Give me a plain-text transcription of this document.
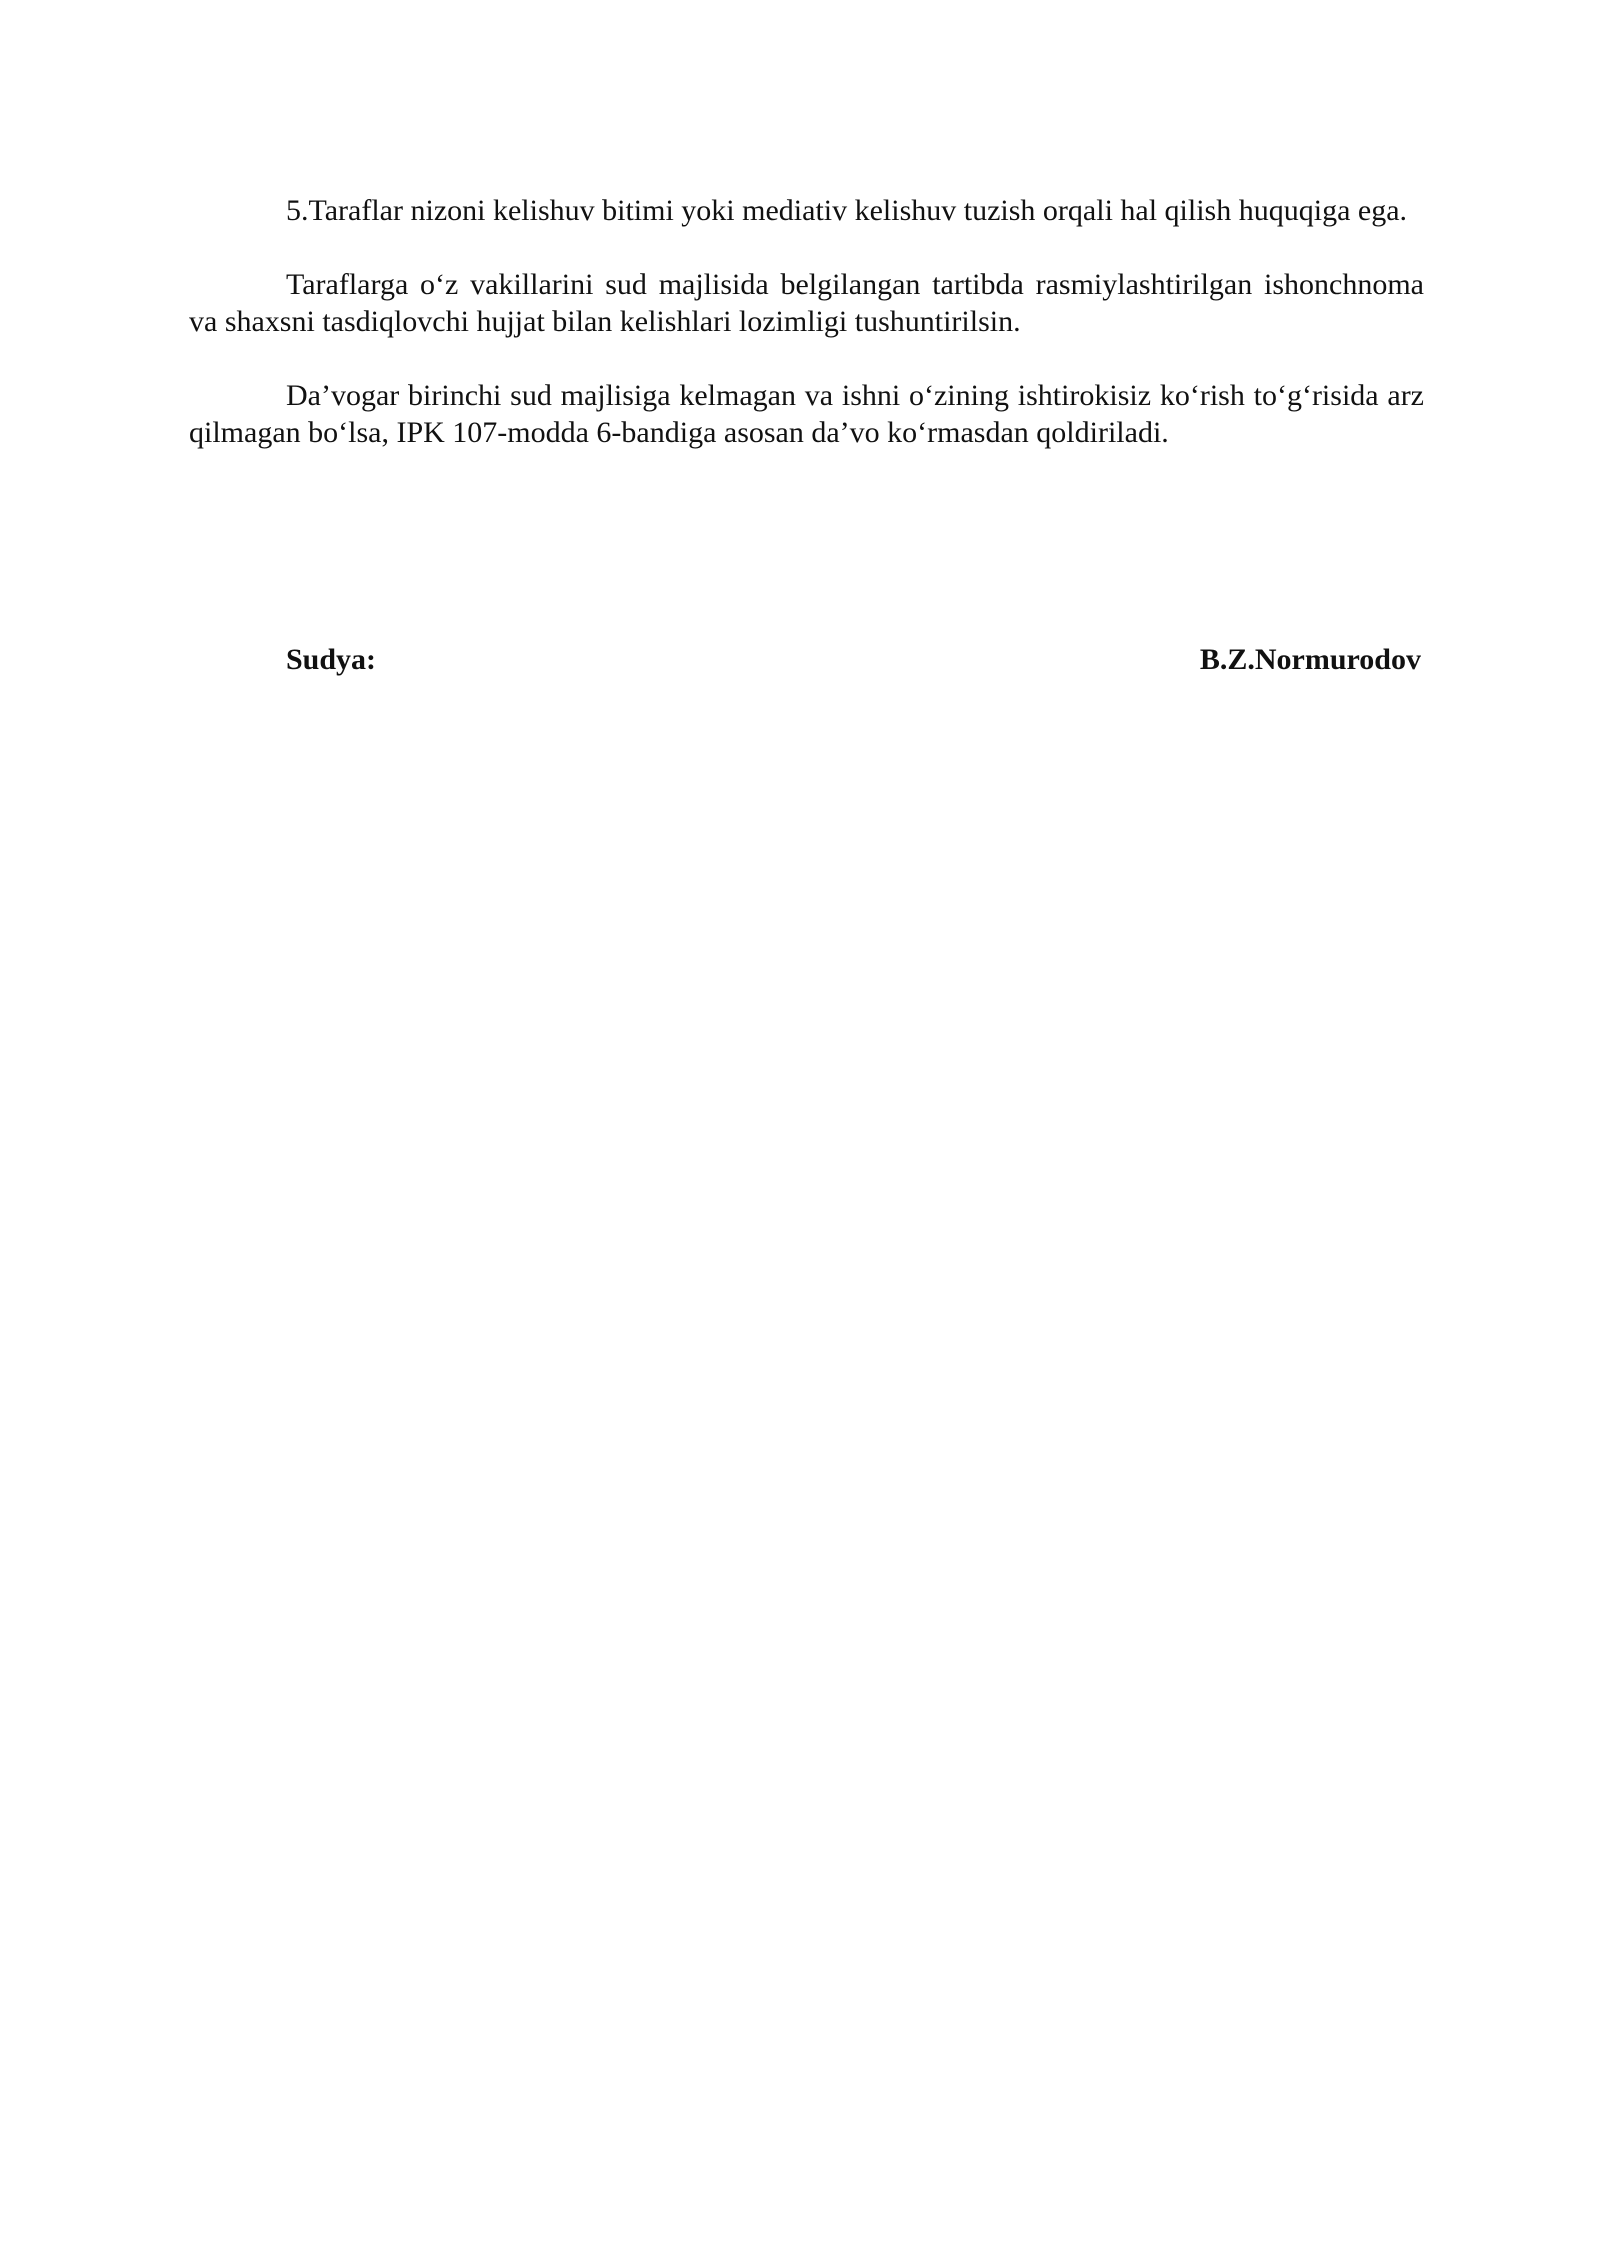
5.Taraflar nizoni kelishuv bitimi yoki mediativ kelishuv tuzish orqali hal qilish huquqiga ega.

Taraflarga o‘z vakillarini sud majlisida belgilangan tartibda rasmiylashtirilgan ishonchnoma va shaxsni tasdiqlovchi hujjat bilan kelishlari lozimligi tushuntirilsin.

Da’vogar birinchi sud majlisiga kelmagan va ishni o‘zining ishtirokisiz ko‘rish to‘g‘risida arz qilmagan bo‘lsa, IPK 107-modda 6-bandiga asosan da’vo ko‘rmasdan qoldiriladi.

Sudya:	B.Z.Normurodov
